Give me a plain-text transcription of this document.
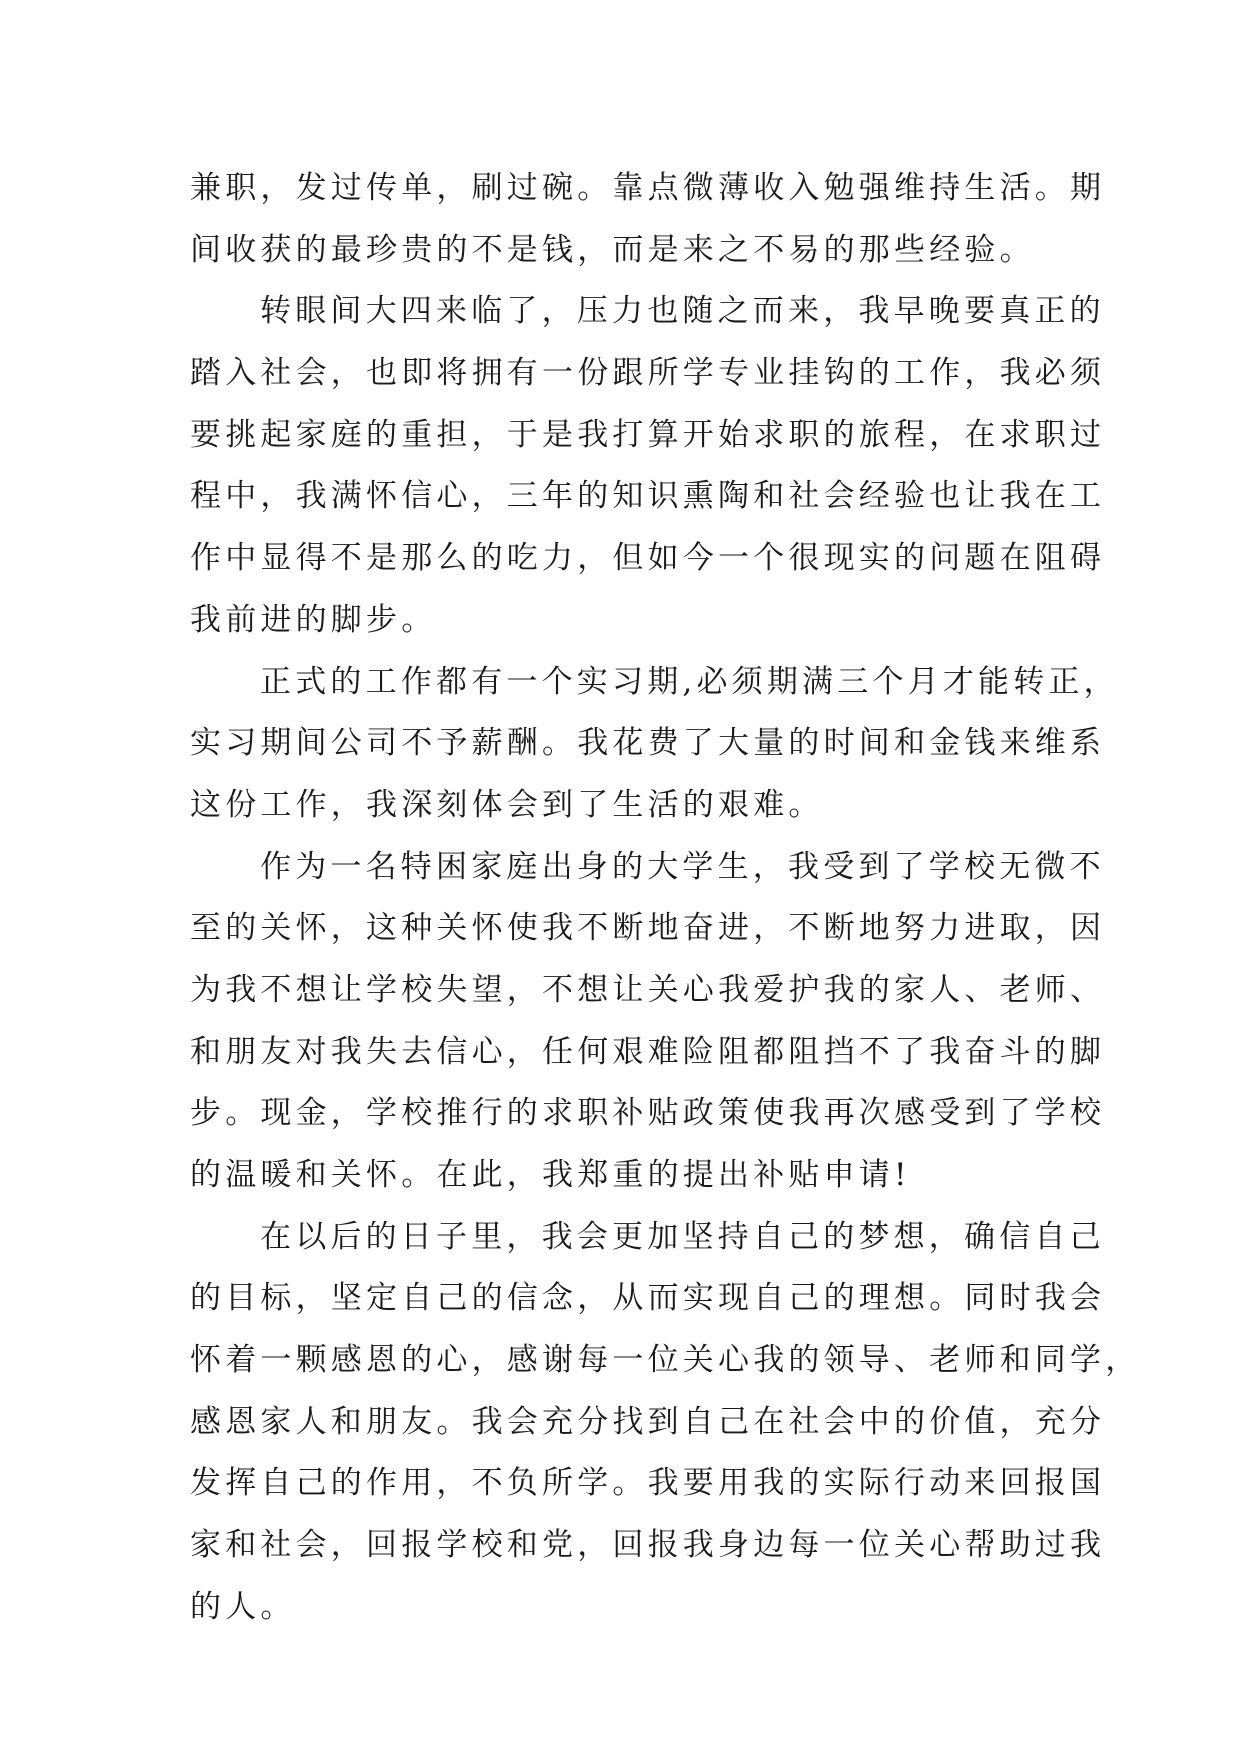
兼职，发过传单，刷过碗。靠点微薄收入勉强维持生活。期
间收获的最珍贵的不是钱，而是来之不易的那些经验。
转眼间大四来临了，压力也随之而来，我早晚要真正的
踏入社会，也即将拥有一份跟所学专业挂钩的工作，我必须
要挑起家庭的重担，于是我打算开始求职的旅程，在求职过
程中，我满怀信心，三年的知识熏陶和社会经验也让我在工
作中显得不是那么的吃力，但如今一个很现实的问题在阻碍
我前进的脚步。
正式的工作都有一个实习期,必须期满三个月才能转正，
实习期间公司不予薪酬。我花费了大量的时间和金钱来维系
这份工作，我深刻体会到了生活的艰难。
作为一名特困家庭出身的大学生，我受到了学校无微不
至的关怀，这种关怀使我不断地奋进，不断地努力进取，因
为我不想让学校失望，不想让关心我爱护我的家人、老师、
和朋友对我失去信心，任何艰难险阻都阻挡不了我奋斗的脚
步。现金，学校推行的求职补贴政策使我再次感受到了学校
的温暖和关怀。在此，我郑重的提出补贴申请!
在以后的日子里，我会更加坚持自己的梦想，确信自己
的目标，坚定自己的信念，从而实现自己的理想。同时我会
怀着一颗感恩的心，感谢每一位关心我的领导、老师和同学，
感恩家人和朋友。我会充分找到自己在社会中的价值，充分
发挥自己的作用，不负所学。我要用我的实际行动来回报国
家和社会，回报学校和党，回报我身边每一位关心帮助过我
的人。
